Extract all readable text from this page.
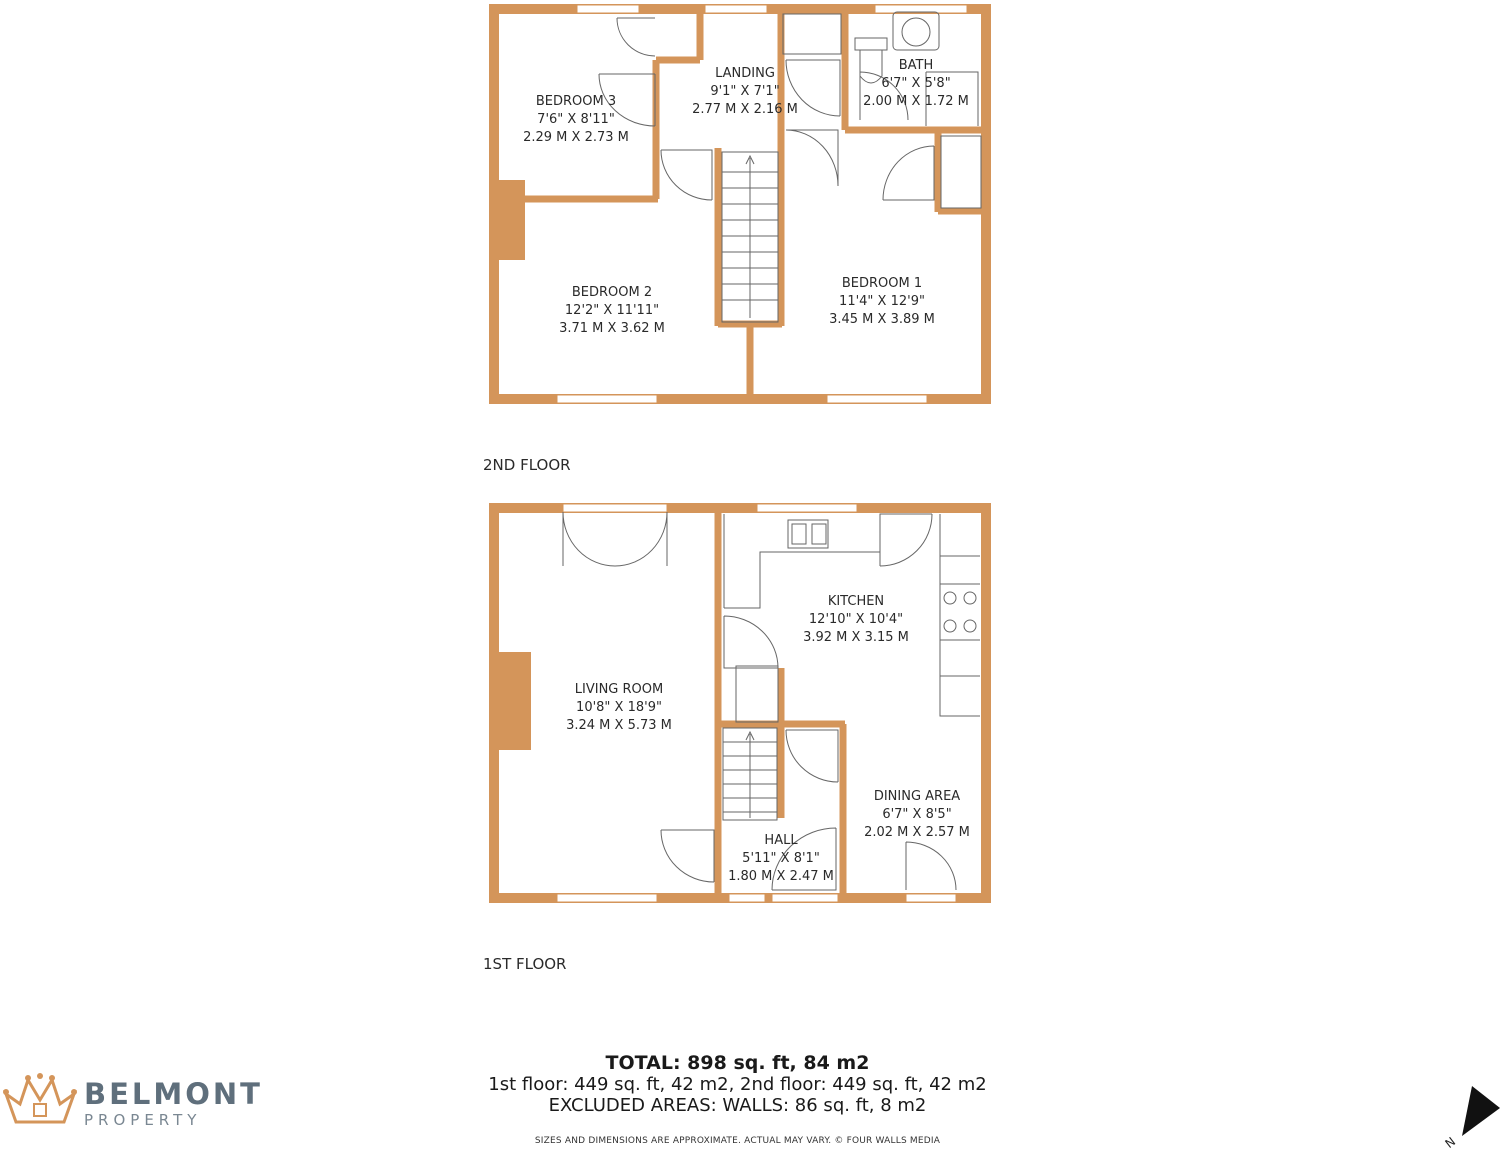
N
BEDROOM 3
7'6" X 8'11"
2.29 M X 2.73 M
LANDING
9'1" X 7'1"
2.77 M X 2.16 M
BATH
6'7" X 5'8"
2.00 M X 1.72 M
BEDROOM 2
12'2" X 11'11"
3.71 M X 3.62 M
BEDROOM 1
11'4" X 12'9"
3.45 M X 3.89 M
2ND FLOOR
LIVING ROOM
10'8" X 18'9"
3.24 M X 5.73 M
KITCHEN
12'10" X 10'4"
3.92 M X 3.15 M
DINING AREA
6'7" X 8'5"
2.02 M X 2.57 M
HALL
5'11" X 8'1"
1.80 M X 2.47 M
1ST FLOOR
TOTAL: 898 sq. ft, 84 m2
1st floor: 449 sq. ft, 42 m2, 2nd floor: 449 sq. ft, 42 m2
EXCLUDED AREAS: WALLS: 86 sq. ft, 8 m2
SIZES AND DIMENSIONS ARE APPROXIMATE. ACTUAL MAY VARY. © FOUR WALLS MEDIA
BELMONT
PROPERTY
